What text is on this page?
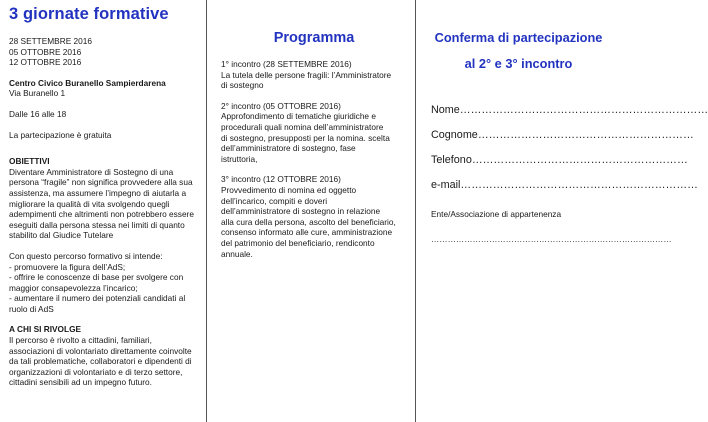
3 giornate formative
28 SETTEMBRE 2016
05 OTTOBRE 2016
12 OTTOBRE 2016
Centro Civico Buranello Sampierdarena
Via Buranello 1
Dalle 16 alle 18
La partecipazione è gratuita
OBIETTIVI
Diventare Amministratore di Sostegno di una
persona “fragile” non significa provvedere alla sua
assistenza, ma assumere l’impegno di aiutarla a
migliorare la qualità di vita svolgendo quegli
adempimenti che altrimenti non potrebbero essere
eseguiti dalla persona stessa nei limiti di quanto
stabilito dal Giudice Tutelare
Con questo percorso formativo si intende:
- promuovere la figura dell’AdS;
- offrire le conoscenze di base per svolgere con
maggior consapevolezza l’incarico;
- aumentare il numero dei potenziali candidati al
ruolo di AdS
A CHI SI RIVOLGE
Il percorso è rivolto a cittadini, familiari,
associazioni di volontariato direttamente coinvolte
da tali problematiche, collaboratori e dipendenti di
organizzazioni di volontariato e di terzo settore,
cittadini sensibili ad un impegno futuro.
Programma
1° incontro (28 SETTEMBRE 2016)
La tutela delle persone fragili: l’Amministratore
di sostegno
2° incontro (05 OTTOBRE 2016)
Approfondimento di tematiche giuridiche e
procedurali quali nomina dell’amministratore
di sostegno, presupposti per la nomina. scelta
dell’amministratore di sostegno, fase
istruttoria,
3° incontro (12 OTTOBRE 2016)
Provvedimento di nomina ed oggetto
dell’incarico, compiti e doveri
dell’amministratore di sostegno in relazione
alla cura della persona, ascolto del beneficiario,
consenso informato alle cure, amministrazione
del patrimonio del beneficiario, rendiconto
annuale.
Conferma di partecipazione
al 2° e 3° incontro
Nome……………………………………………………………
Cognome……………………………………………………
Telefono……………………………………………………
e-mail…………………………………………………………
Ente/Associazione di appartenenza
……………………………………………………………………………
